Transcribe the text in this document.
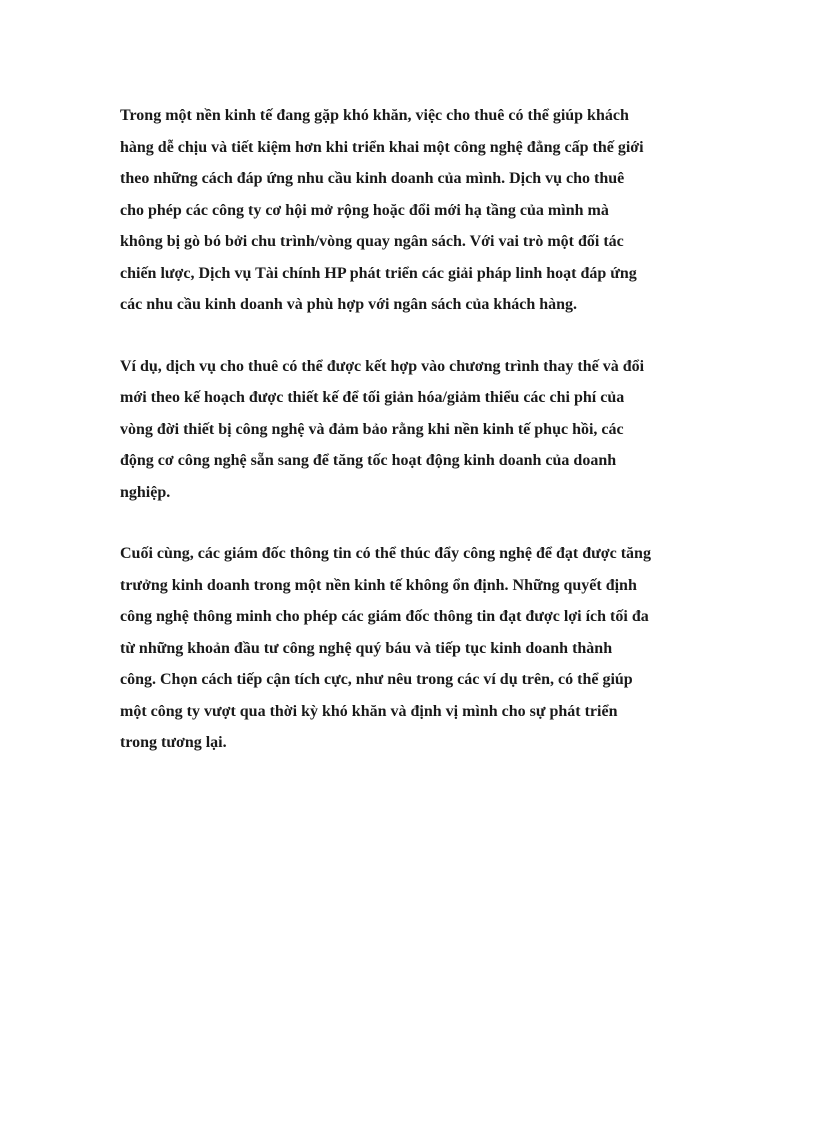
Trong một nền kinh tế đang gặp khó khăn, việc cho thuê có thể giúp khách
hàng dễ chịu và tiết kiệm hơn khi triển khai một công nghệ đẳng cấp thế giới
theo những cách đáp ứng nhu cầu kinh doanh của mình. Dịch vụ cho thuê
cho phép các công ty cơ hội mở rộng hoặc đổi mới hạ tầng của mình mà
không bị gò bó bởi chu trình/vòng quay ngân sách. Với vai trò một đối tác
chiến lược, Dịch vụ Tài chính HP phát triển các giải pháp linh hoạt đáp ứng
các nhu cầu kinh doanh và phù hợp với ngân sách của khách hàng.

Ví dụ, dịch vụ cho thuê có thể được kết hợp vào chương trình thay thế và đổi
mới theo kế hoạch được thiết kế để tối giản hóa/giảm thiểu các chi phí của
vòng đời thiết bị công nghệ và đảm bảo rằng khi nền kinh tế phục hồi, các
động cơ công nghệ sẵn sang để tăng tốc hoạt động kinh doanh của doanh
nghiệp.

Cuối cùng, các giám đốc thông tin có thể thúc đẩy công nghệ để đạt được tăng
trưởng kinh doanh trong một nền kinh tế không ổn định. Những quyết định
công nghệ thông minh cho phép các giám đốc thông tin đạt được lợi ích tối đa
từ những khoản đầu tư công nghệ quý báu và tiếp tục kinh doanh thành
công. Chọn cách tiếp cận tích cực, như nêu trong các ví dụ trên, có thể giúp
một công ty vượt qua thời kỳ khó khăn và định vị mình cho sự phát triển
trong tương lại.
